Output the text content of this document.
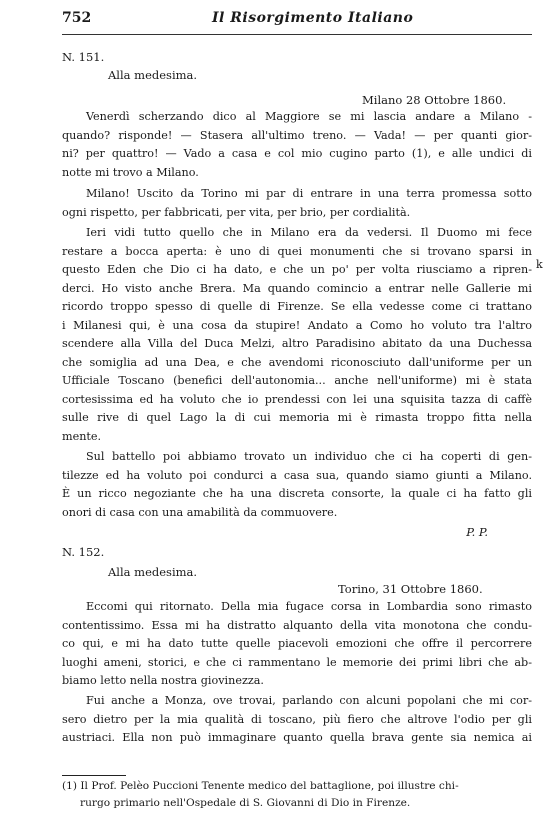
752	Il Risorgimento Italiano
N. 151.
Alla medesima.
Milano 28 Ottobre 1860.
Venerdì scherzando dico al Maggiore se mi lascia andare a Milano -
quando? risponde! — Stasera all'ultimo treno. — Vada! — per quanti gior-
ni? per quattro! — Vado a casa e col mio cugino parto (1), e alle undici di
notte mi trovo a Milano.
Milano! Uscito da Torino mi par di entrare in una terra promessa sotto
ogni rispetto, per fabbricati, per vita, per brio, per cordialità.
Ieri vidi tutto quello che in Milano era da vedersi. Il Duomo mi fece
restare a bocca aperta: è uno di quei monumenti che si trovano sparsi in
questo Eden che Dio ci ha dato, e che un po' per volta riusciamo a ripren-
derci. Ho visto anche Brera. Ma quando comincio a entrar nelle Gallerie mi
ricordo troppo spesso di quelle di Firenze. Se ella vedesse come ci trattano
i Milanesi qui, è una cosa da stupire! Andato a Como ho voluto tra l'altro
scendere alla Villa del Duca Melzi, altro Paradisino abitato da una Duchessa
che somiglia ad una Dea, e che avendomi riconosciuto dall'uniforme per un
Ufficiale Toscano (benefici dell'autonomia... anche nell'uniforme) mi è stata
cortesissima ed ha voluto che io prendessi con lei una squisita tazza di caffè
sulle rive di quel Lago la di cui memoria mi è rimasta troppo fitta nella
mente.
Sul battello poi abbiamo trovato un individuo che ci ha coperti di gen-
tilezze ed ha voluto poi condurci a casa sua, quando siamo giunti a Milano.
È un ricco negoziante che ha una discreta consorte, la quale ci ha fatto gli
onori di casa con una amabilità da commuovere.
P. P.
N. 152.
Alla medesima.
Torino, 31 Ottobre 1860.
Eccomi qui ritornato. Della mia fugace corsa in Lombardia sono rimasto
contentissimo. Essa mi ha distratto alquanto della vita monotona che condu-
co qui, e mi ha dato tutte quelle piacevoli emozioni che offre il percorrere
luoghi ameni, storici, e che ci rammentano le memorie dei primi libri che ab-
biamo letto nella nostra giovinezza.
Fui anche a Monza, ove trovai, parlando con alcuni popolani che mi cor-
sero dietro per la mia qualità di toscano, più fiero che altrove l'odio per gli
austriaci. Ella non può immaginare quanto quella brava gente sia nemica ai
(1) Il Prof. Pelèo Puccioni Tenente medico del battaglione, poi illustre chi-
rurgo primario nell'Ospedale di S. Giovanni di Dio in Firenze.
k
